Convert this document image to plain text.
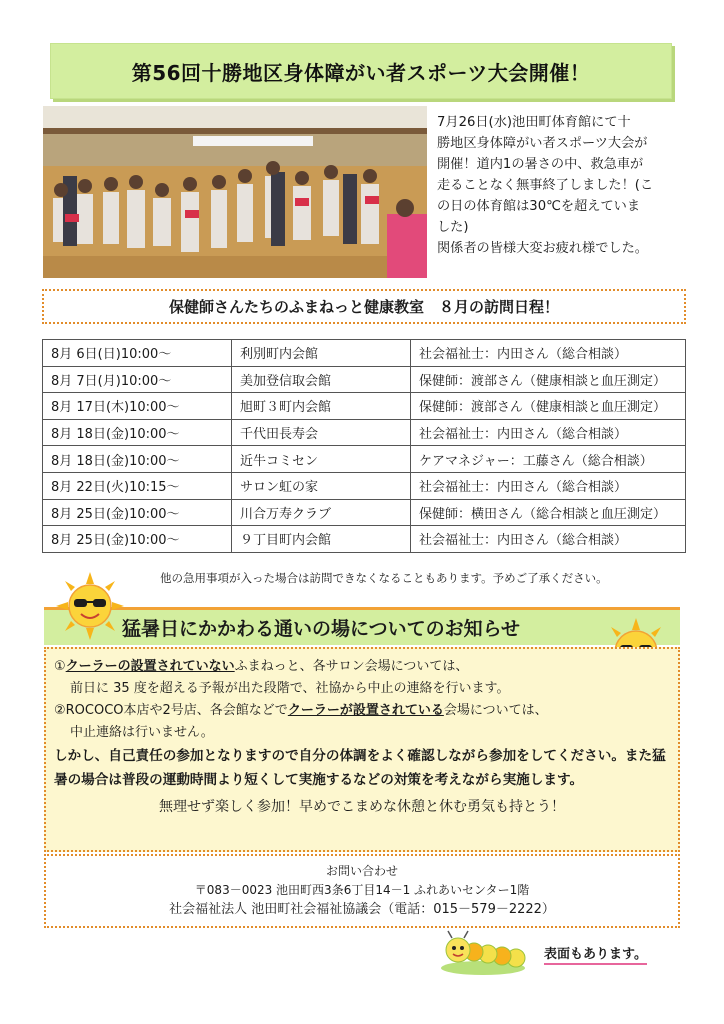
第56回十勝地区身体障がい者スポーツ大会開催！
7月26日(水)池田町体育館にて十
勝地区身体障がい者スポーツ大会が
開催！道内1の暑さの中、救急車が
走ることなく無事終了しました！(こ
の日の体育館は30℃を超えていま
した)
関係者の皆様大変お疲れ様でした。
保健師さんたちのふまねっと健康教室　８月の訪問日程！
8月 6日(日)10:00～	利別町内会館	社会福祉士：内田さん（総合相談）
8月 7日(月)10:00～	美加登信取会館	保健師：渡部さん（健康相談と血圧測定）
8月 17日(木)10:00～	旭町３町内会館	保健師：渡部さん（健康相談と血圧測定）
8月 18日(金)10:00～	千代田長寿会	社会福祉士：内田さん（総合相談）
8月 18日(金)10:00～	近牛コミセン	ケアマネジャー：工藤さん（総合相談）
8月 22日(火)10:15～	サロン虹の家	社会福祉士：内田さん（総合相談）
8月 25日(金)10:00～	川合万寿クラブ	保健師：横田さん（総合相談と血圧測定）
8月 25日(金)10:00～	９丁目町内会館	社会福祉士：内田さん（総合相談）
他の急用事項が入った場合は訪問できなくなることもあります。予めご了承ください。
猛暑日にかかわる通いの場についてのお知らせ
①クーラーの設置されていないふまねっと、各サロン会場については、
前日に 35 度を超える予報が出た段階で、社協から中止の連絡を行います。
②ROCOCO本店や2号店、各会館などでクーラーが設置されている会場については、
中止連絡は行いません。
しかし、自己責任の参加となりますので自分の体調をよく確認しながら参加をしてください。また猛暑の場合は普段の運動時間より短くして実施するなどの対策を考えながら実施します。
無理せず楽しく参加！早めでこまめな休憩と休む勇気も持とう！
お問い合わせ
〒083－0023 池田町西3条6丁目14－1 ふれあいセンター1階
社会福祉法人 池田町社会福祉協議会（電話：015－579－2222）
表面もあります。
